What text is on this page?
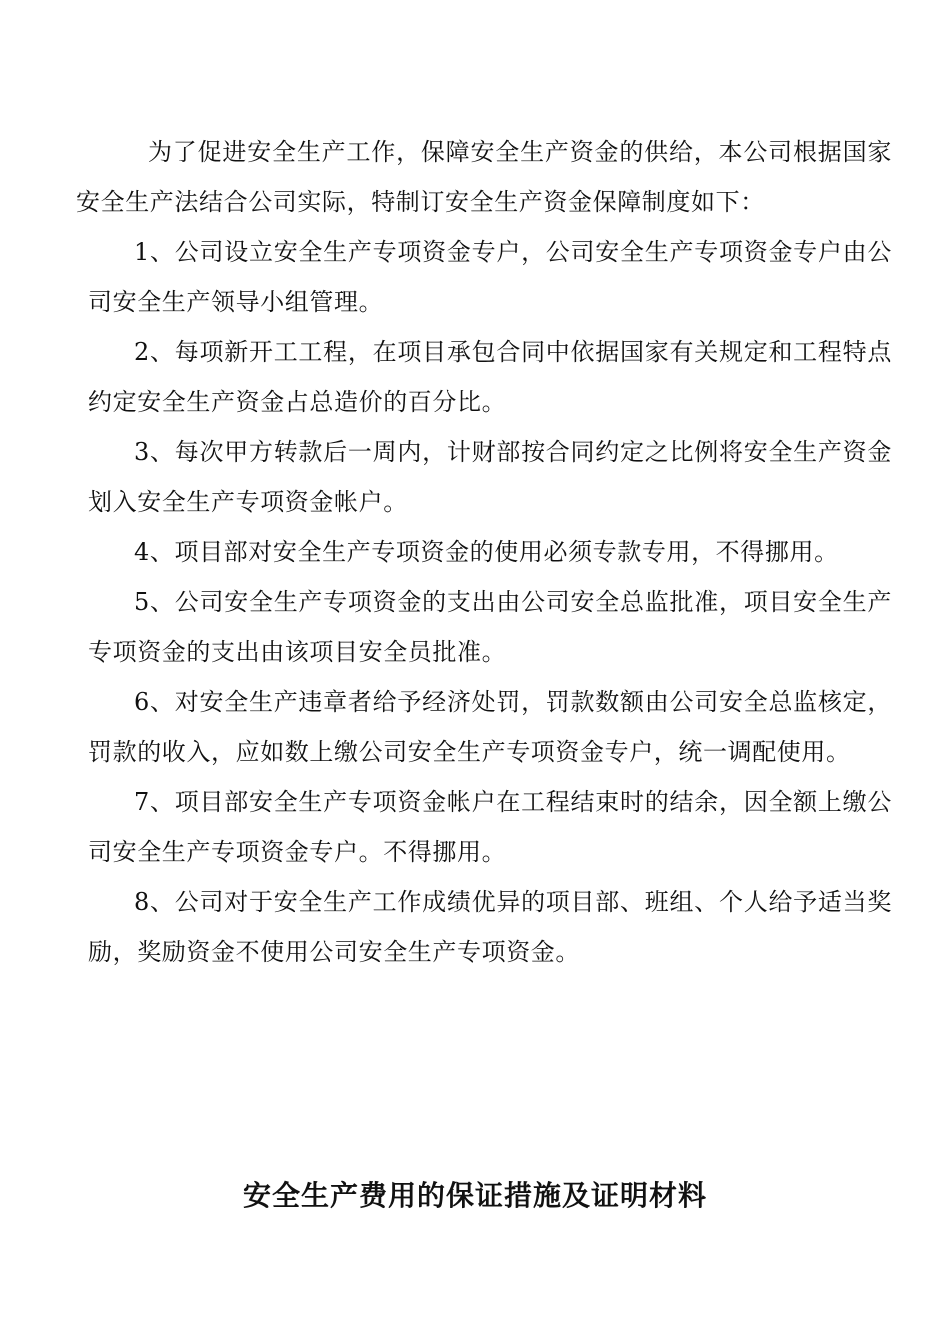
为了促进安全生产工作，保障安全生产资金的供给，本公司根据国家安全生产法结合公司实际，特制订安全生产资金保障制度如下：

1、公司设立安全生产专项资金专户，公司安全生产专项资金专户由公司安全生产领导小组管理。

2、每项新开工工程，在项目承包合同中依据国家有关规定和工程特点约定安全生产资金占总造价的百分比。

3、每次甲方转款后一周内，计财部按合同约定之比例将安全生产资金划入安全生产专项资金帐户。

4、项目部对安全生产专项资金的使用必须专款专用，不得挪用。

5、公司安全生产专项资金的支出由公司安全总监批准，项目安全生产专项资金的支出由该项目安全员批准。

6、对安全生产违章者给予经济处罚，罚款数额由公司安全总监核定，罚款的收入，应如数上缴公司安全生产专项资金专户，统一调配使用。

7、项目部安全生产专项资金帐户在工程结束时的结余，因全额上缴公司安全生产专项资金专户。不得挪用。

8、公司对于安全生产工作成绩优异的项目部、班组、个人给予适当奖励，奖励资金不使用公司安全生产专项资金。

安全生产费用的保证措施及证明材料
